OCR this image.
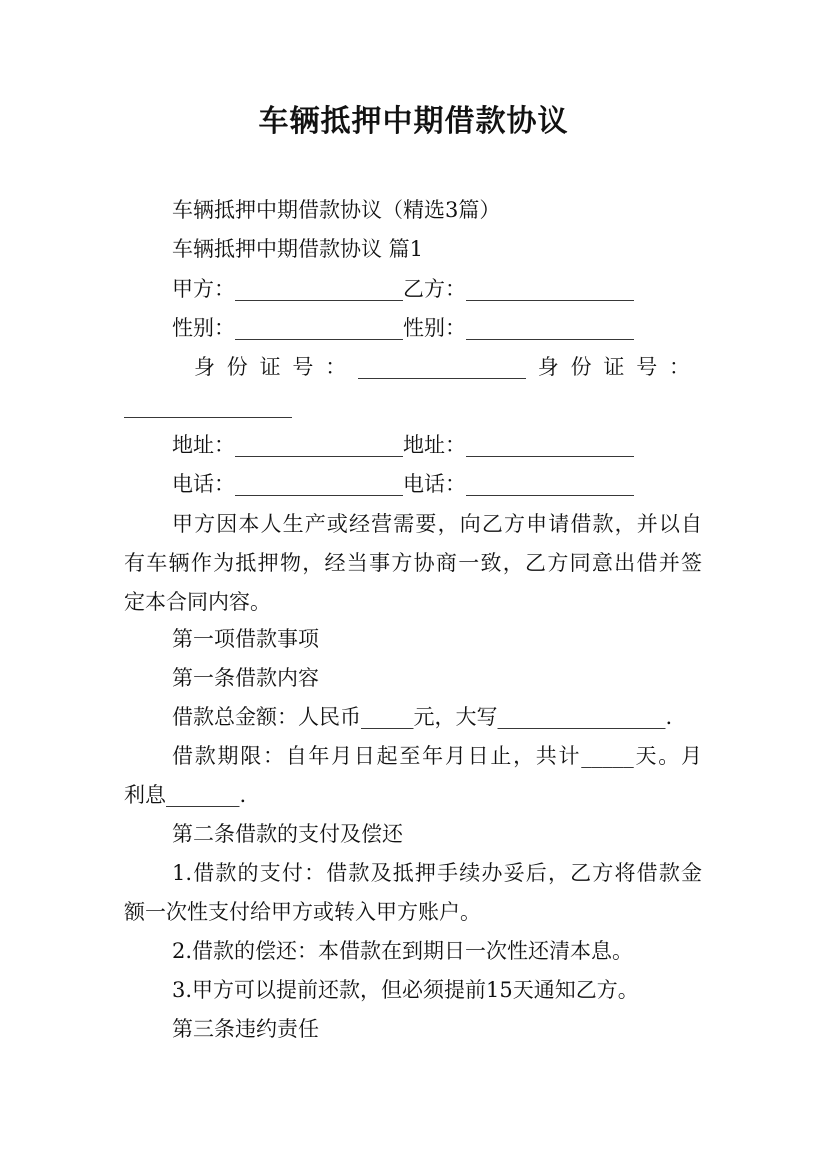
车辆抵押中期借款协议
车辆抵押中期借款协议（精选3篇）
车辆抵押中期借款协议 篇1
甲方：________________乙方：________________
性别：________________性别：________________
身份证号：________________身份证号：
________________
地址：________________地址：________________
电话：________________电话：________________
甲方因本人生产或经营需要，向乙方申请借款，并以自
有车辆作为抵押物，经当事方协商一致，乙方同意出借并签
定本合同内容。
第一项借款事项
第一条借款内容
借款总金额：人民币_____元，大写________________.
借款期限：自年月日起至年月日止，共计_____天。月
利息_______.
第二条借款的支付及偿还
1.借款的支付：借款及抵押手续办妥后，乙方将借款金
额一次性支付给甲方或转入甲方账户。
2.借款的偿还：本借款在到期日一次性还清本息。
3.甲方可以提前还款，但必须提前15天通知乙方。
第三条违约责任
